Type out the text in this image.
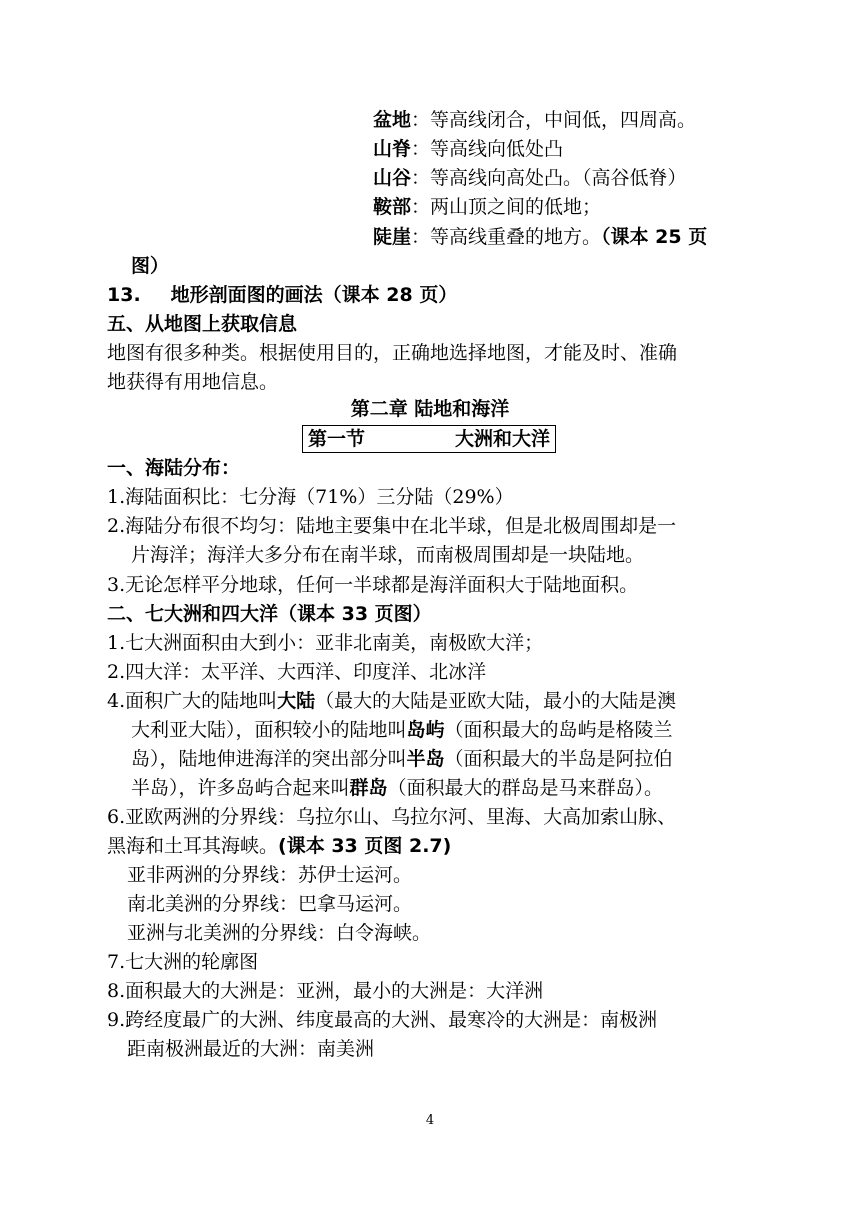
盆地：等高线闭合，中间低，四周高。
山脊：等高线向低处凸
山谷：等高线向高处凸。（高谷低脊）
鞍部：两山顶之间的低地；
陡崖：等高线重叠的地方。（课本 25 页
图）
13. 地形剖面图的画法（课本 28 页）
五、从地图上获取信息
地图有很多种类。根据使用目的，正确地选择地图，才能及时、准确
地获得有用地信息。
第二章 陆地和海洋
第一节	大洲和大洋
一、海陆分布：
1.海陆面积比：七分海（71%）三分陆（29%）
2.海陆分布很不均匀：陆地主要集中在北半球，但是北极周围却是一
片海洋；海洋大多分布在南半球，而南极周围却是一块陆地。
3.无论怎样平分地球，任何一半球都是海洋面积大于陆地面积。
二、七大洲和四大洋（课本 33 页图）
1.七大洲面积由大到小：亚非北南美，南极欧大洋；
2.四大洋：太平洋、大西洋、印度洋、北冰洋
4.面积广大的陆地叫大陆（最大的大陆是亚欧大陆，最小的大陆是澳
大利亚大陆），面积较小的陆地叫岛屿（面积最大的岛屿是格陵兰
岛），陆地伸进海洋的突出部分叫半岛（面积最大的半岛是阿拉伯
半岛），许多岛屿合起来叫群岛（面积最大的群岛是马来群岛）。
6.亚欧两洲的分界线：乌拉尔山、乌拉尔河、里海、大高加索山脉、
黑海和土耳其海峡。(课本 33 页图 2.7)
亚非两洲的分界线：苏伊士运河。
南北美洲的分界线：巴拿马运河。
亚洲与北美洲的分界线：白令海峡。
7.七大洲的轮廓图
8.面积最大的大洲是：亚洲，最小的大洲是：大洋洲
9.跨经度最广的大洲、纬度最高的大洲、最寒冷的大洲是：南极洲
距南极洲最近的大洲：南美洲
4
